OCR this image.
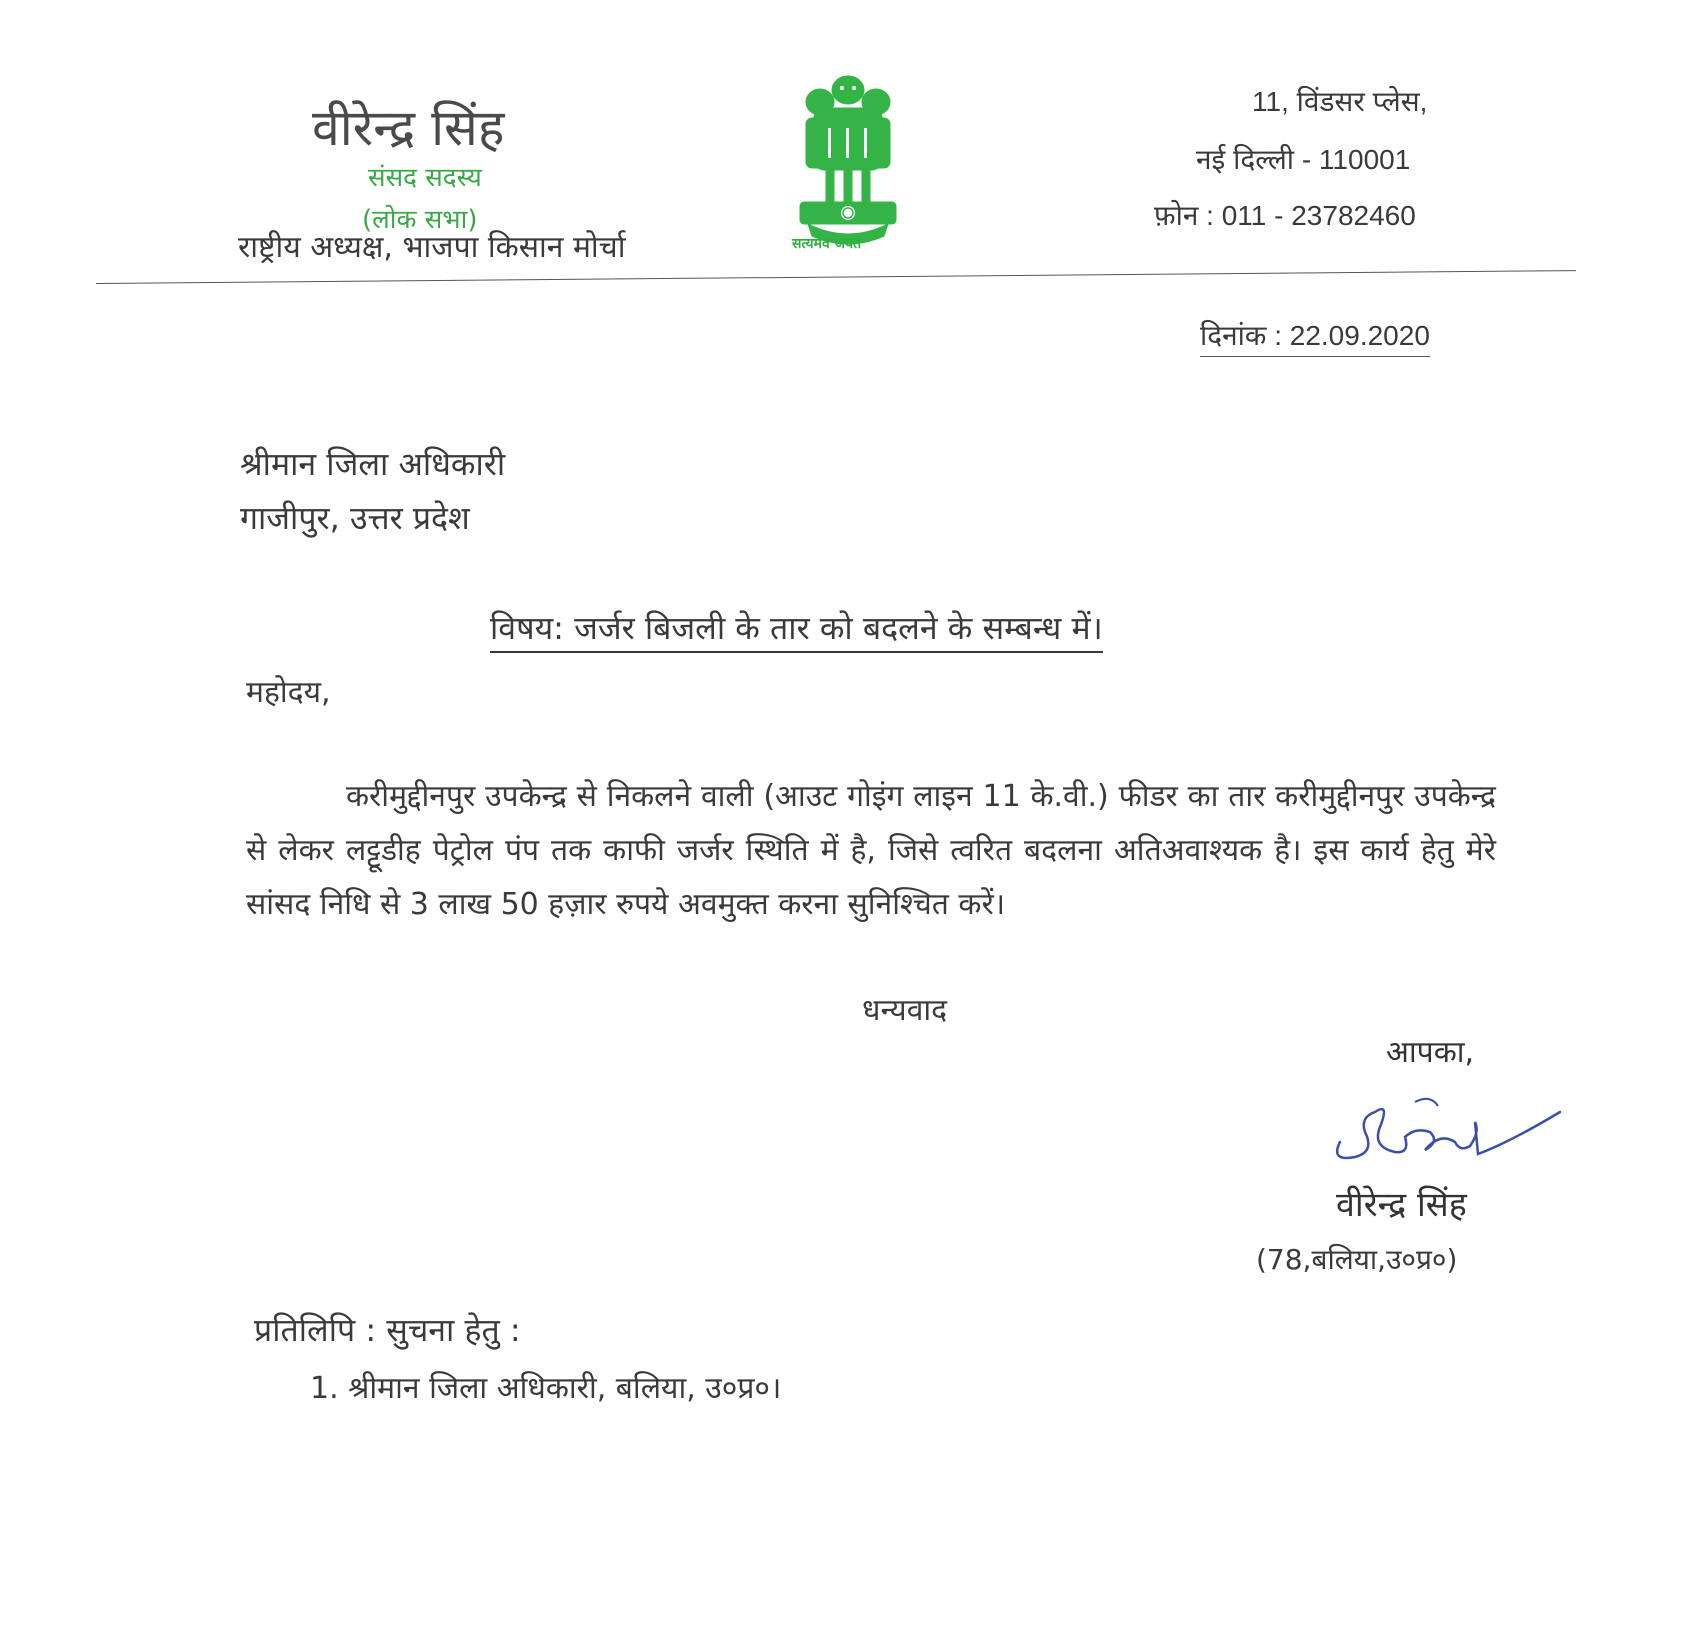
वीरेन्द्र सिंह
संसद सदस्य
(लोक सभा)
राष्ट्रीय अध्यक्ष, भाजपा किसान मोर्चा	सत्यमेव जयते
11, विंडसर प्लेस,
नई दिल्ली - 110001
फ़ोन : 011 - 23782460
दिनांक : 22.09.2020
श्रीमान जिला अधिकारी
गाजीपुर, उत्तर प्रदेश
विषय: जर्जर बिजली के तार को बदलने के सम्बन्ध में।
महोदय,
करीमुद्दीनपुर उपकेन्द्र से निकलने वाली (आउट गोइंग लाइन 11 के.वी.) फीडर का तार करीमुद्दीनपुर उपकेन्द्र से लेकर लट्टूडीह पेट्रोल पंप तक काफी जर्जर स्थिति में है, जिसे त्वरित बदलना अतिअवाश्यक है। इस कार्य हेतु मेरे सांसद निधि से 3 लाख 50 हज़ार रुपये अवमुक्त करना सुनिश्चित करें।
धन्यवाद
आपका,
वीरेन्द्र सिंह
(78,बलिया,उ०प्र०)
प्रतिलिपि : सुचना हेतु :
1. श्रीमान जिला अधिकारी, बलिया, उ०प्र०।
